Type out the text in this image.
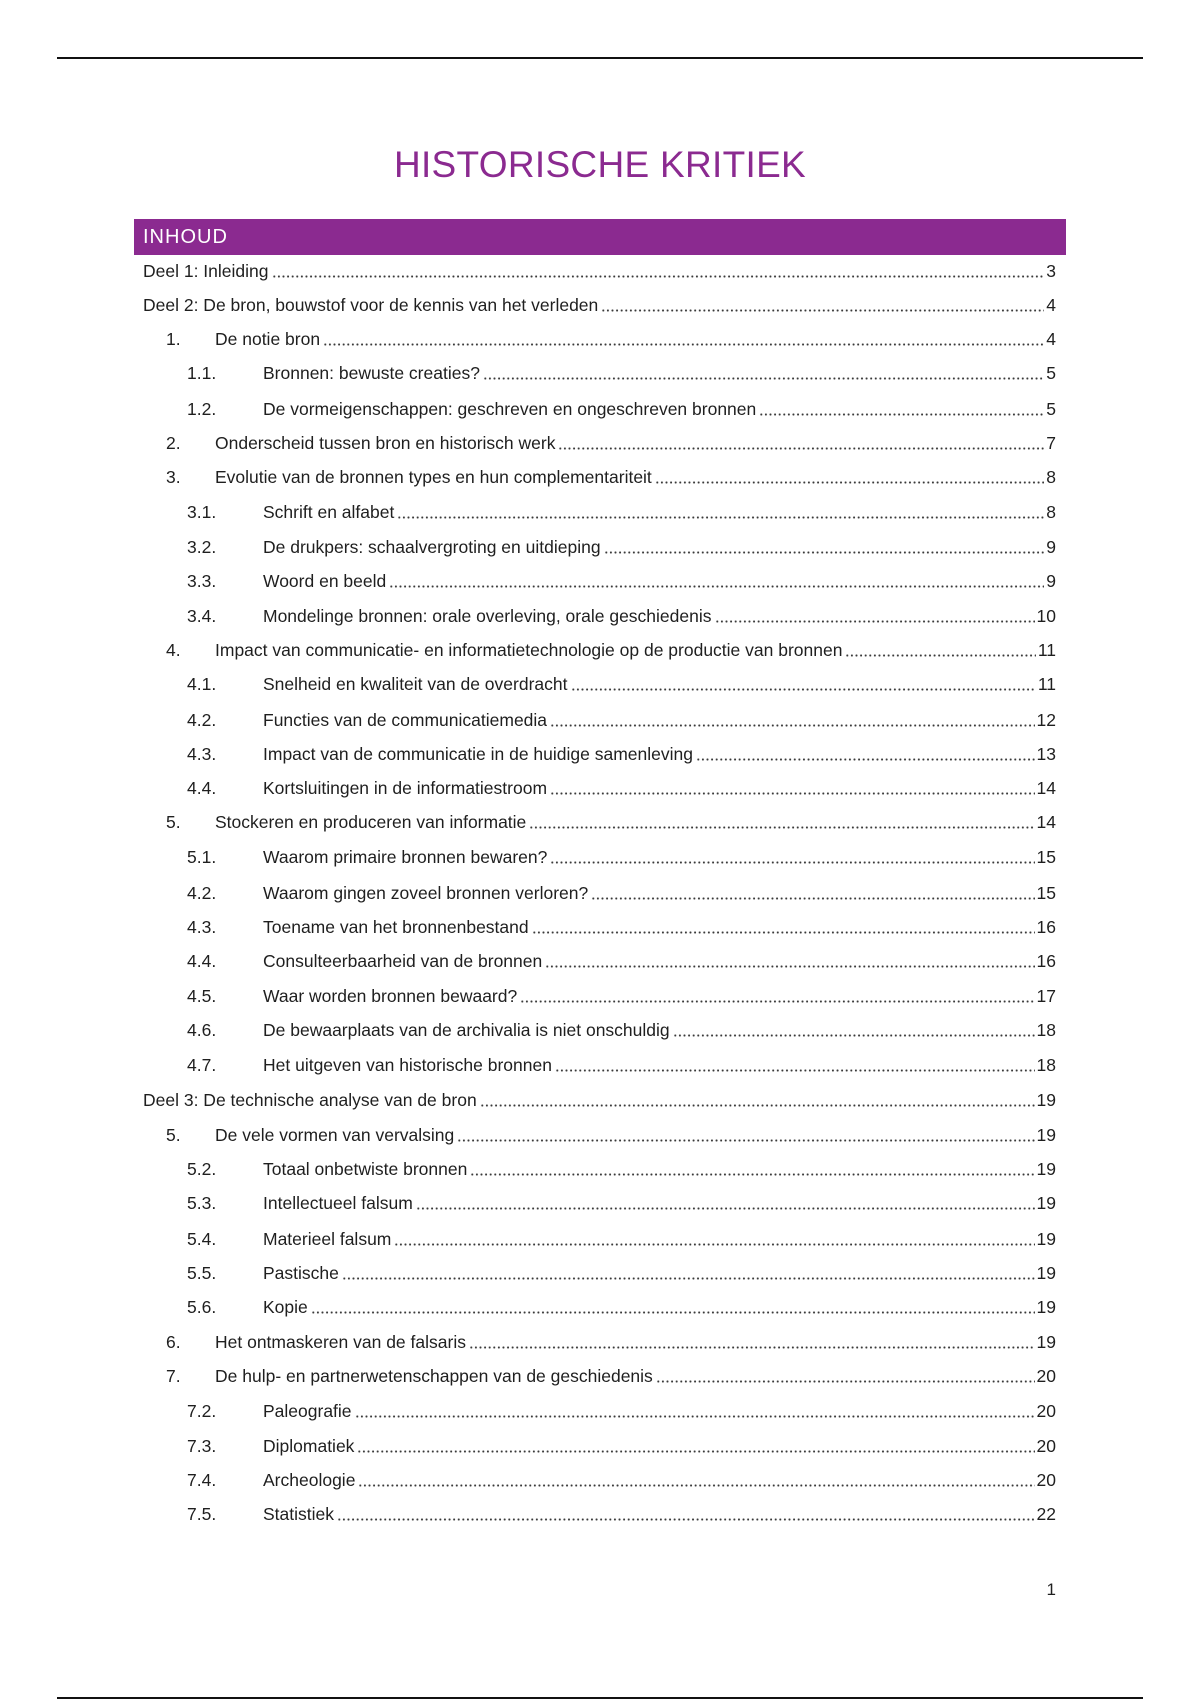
HISTORISCHE KRITIEK
INHOUD
Deel 1: Inleiding	3
Deel 2: De bron, bouwstof voor de kennis van het verleden	4
1.	De notie bron	4
1.1.	Bronnen: bewuste creaties?	5
1.2.	De vormeigenschappen: geschreven en ongeschreven bronnen	5
2.	Onderscheid tussen bron en historisch werk	7
3.	Evolutie van de bronnen types en hun complementariteit	8
3.1.	Schrift en alfabet	8
3.2.	De drukpers: schaalvergroting en uitdieping	9
3.3.	Woord en beeld	9
3.4.	Mondelinge bronnen: orale overleving, orale geschiedenis	10
4.	Impact van communicatie- en informatietechnologie op de productie van bronnen	11
4.1.	Snelheid en kwaliteit van de overdracht	11
4.2.	Functies van de communicatiemedia	12
4.3.	Impact van de communicatie in de huidige samenleving	13
4.4.	Kortsluitingen in de informatiestroom	14
5.	Stockeren en produceren van informatie	14
5.1.	Waarom primaire bronnen bewaren?	15
4.2.	Waarom gingen zoveel bronnen verloren?	15
4.3.	Toename van het bronnenbestand	16
4.4.	Consulteerbaarheid van de bronnen	16
4.5.	Waar worden bronnen bewaard?	17
4.6.	De bewaarplaats van de archivalia is niet onschuldig	18
4.7.	Het uitgeven van historische bronnen	18
Deel 3: De technische analyse van de bron	19
5.	De vele vormen van vervalsing	19
5.2.	Totaal onbetwiste bronnen	19
5.3.	Intellectueel falsum	19
5.4.	Materieel falsum	19
5.5.	Pastische	19
5.6.	Kopie	19
6.	Het ontmaskeren van de falsaris	19
7.	De hulp- en partnerwetenschappen van de geschiedenis	20
7.2.	Paleografie	20
7.3.	Diplomatiek	20
7.4.	Archeologie	20
7.5.	Statistiek	22
1
